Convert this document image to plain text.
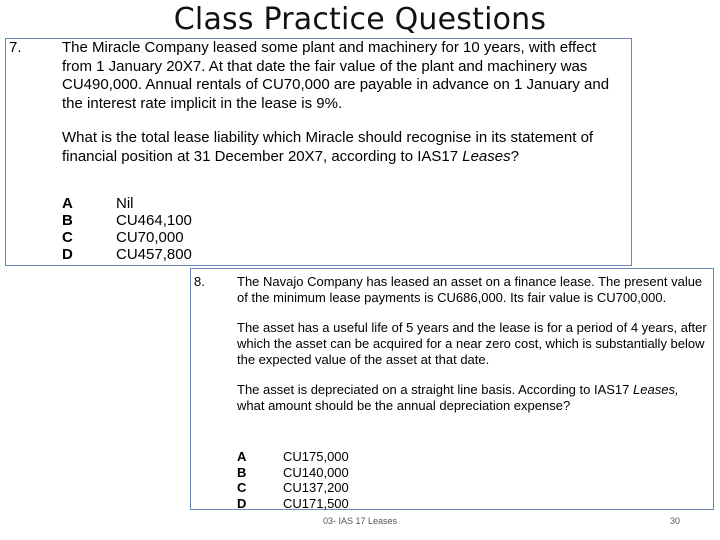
Class Practice Questions
7.	The Miracle Company leased some plant and machinery for 10 years, with effect from 1 January 20X7. At that date the fair value of the plant and machinery was CU490,000. Annual rentals of CU70,000 are payable in advance on 1 January and the interest rate implicit in the lease is 9%.

What is the total lease liability which Miracle should recognise in its statement of financial position at 31 December 20X7, according to IAS17 Leases?

A	Nil
B	CU464,100
C	CU70,000
D	CU457,800
8. The Navajo Company has leased an asset on a finance lease. The present value of the minimum lease payments is CU686,000. Its fair value is CU700,000.

The asset has a useful life of 5 years and the lease is for a period of 4 years, after which the asset can be acquired for a near zero cost, which is substantially below the expected value of the asset at that date.

The asset is depreciated on a straight line basis. According to IAS17 Leases, what amount should be the annual depreciation expense?

A	CU175,000
B	CU140,000
C	CU137,200
D	CU171,500
03- IAS 17 Leases	30
